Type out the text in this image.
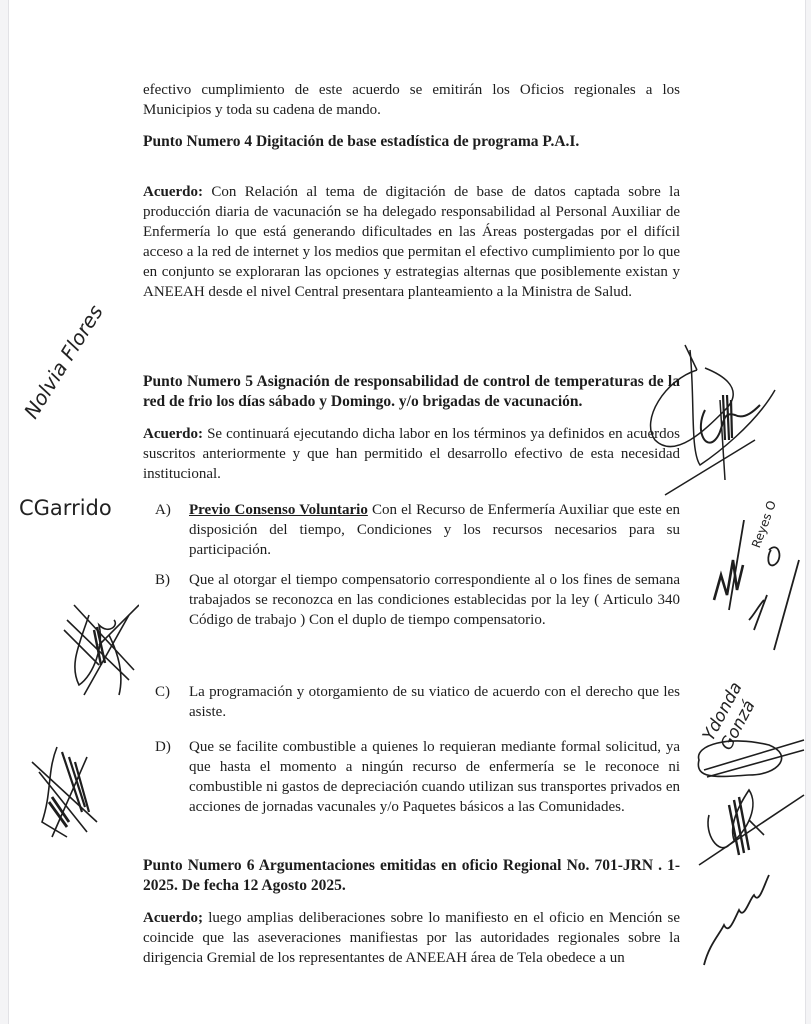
efectivo cumplimiento de este acuerdo se emitirán los Oficios regionales a los Municipios y toda su cadena de mando.
Punto Numero 4 Digitación de base estadística de programa P.A.I.
Acuerdo: Con Relación al tema de digitación de base de datos captada sobre la producción diaria de vacunación se ha delegado responsabilidad al Personal Auxiliar de Enfermería lo que está generando dificultades en las Áreas postergadas por el difícil acceso a la red de internet y los medios que permitan el efectivo cumplimiento por lo que en conjunto se exploraran las opciones y estrategias alternas que posiblemente existan y ANEEAH desde el nivel Central presentara planteamiento a la Ministra de Salud.
Punto Numero 5 Asignación de responsabilidad de control de temperaturas de la red de frio los días sábado y Domingo. y/o brigadas de vacunación.
Acuerdo: Se continuará ejecutando dicha labor en los términos ya definidos en acuerdos suscritos anteriormente y que han permitido el desarrollo efectivo de esta necesidad institucional.
A) Previo Consenso Voluntario Con el Recurso de Enfermería Auxiliar que este en disposición del tiempo, Condiciones y los recursos necesarios para su participación.
B) Que al otorgar el tiempo compensatorio correspondiente al o los fines de semana trabajados se reconozca en las condiciones establecidas por la ley ( Articulo 340 Código de trabajo ) Con el duplo de tiempo compensatorio.
C) La programación y otorgamiento de su viatico de acuerdo con el derecho que les asiste.
D) Que se facilite combustible a quienes lo requieran mediante formal solicitud, ya que hasta el momento a ningún recurso de enfermería se le reconoce ni combustible ni gastos de depreciación cuando utilizan sus transportes privados en acciones de jornadas vacunales y/o Paquetes básicos a las Comunidades.
Punto Numero 6 Argumentaciones emitidas en oficio Regional No. 701-JRN . 1-2025. De fecha 12 Agosto 2025.
Acuerdo; luego amplias deliberaciones sobre lo manifiesto en el oficio en Mención se coincide que las aseveraciones manifiestas por las autoridades regionales sobre la dirigencia Gremial de los representantes de ANEEAH área de Tela obedece a un
Nolvia Flores
CGarrido
Ydonda Gonzá
Reyes O
